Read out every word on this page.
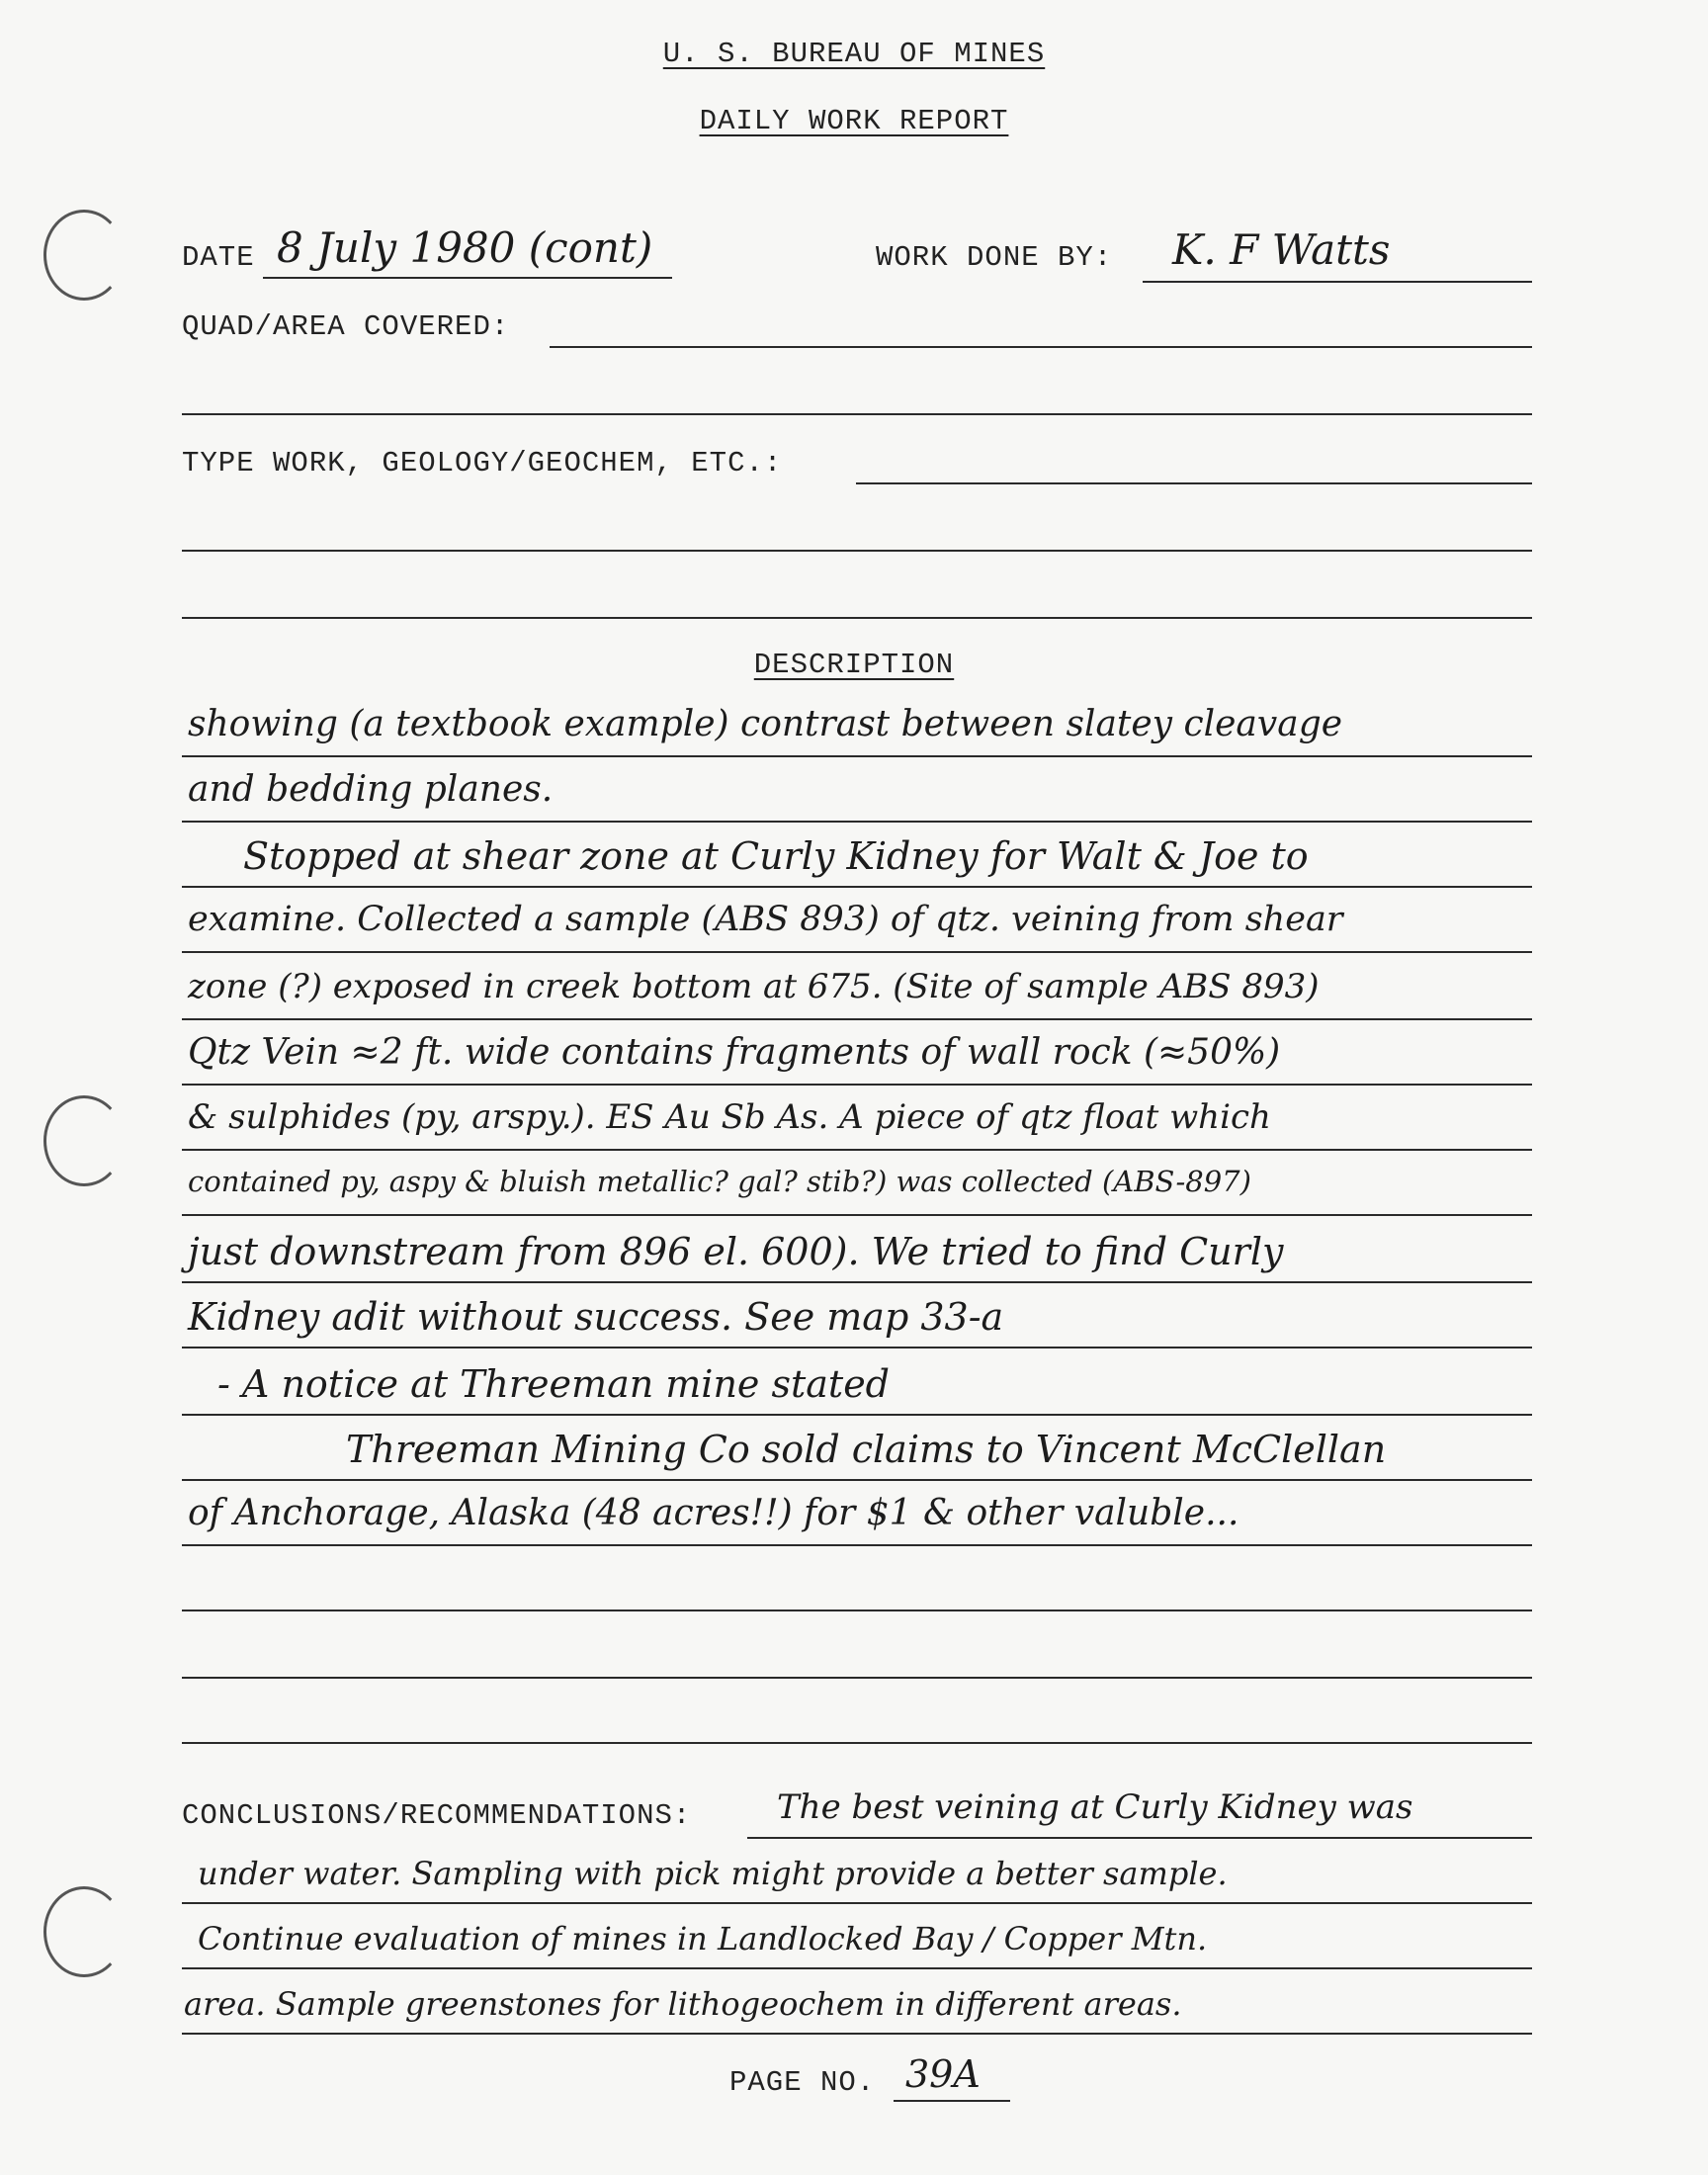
U. S. BUREAU OF MINES
DAILY WORK REPORT
DATE 8 July 1980 (cont)	WORK DONE BY: K. F Watts
QUAD/AREA COVERED:
TYPE WORK, GEOLOGY/GEOCHEM, ETC.:
DESCRIPTION
showing (a textbook example) contrast between slatey cleavage
and bedding planes.
Stopped at shear zone at Curly Kidney for Walt & Joe to
examine. Collected a sample (ABS 893) of qtz. veining from shear
zone (?) exposed in creek bottom at 675. (Site of sample ABS 893)
Qtz Vein ≈2 ft. wide contains fragments of wall rock (≈50%)
& sulphides (py, arspy.). ES Au Sb As. A piece of qtz float which
contained py, aspy & bluish metallic? gal? stib?) was collected (ABS-897)
just downstream from 896 el. 600). We tried to find Curly
Kidney adit without success. See map 33-a
- A notice at Threeman mine stated
Threeman Mining Co sold claims to Vincent McClellan
of Anchorage, Alaska (48 acres!!) for $1 & other valuble...
CONCLUSIONS/RECOMMENDATIONS:	The best veining at Curly Kidney was
under water. Sampling with pick might provide a better sample.
Continue evaluation of mines in Landlocked Bay / Copper Mtn.
area. Sample greenstones for lithogeochem in different areas.
PAGE NO. 39A
